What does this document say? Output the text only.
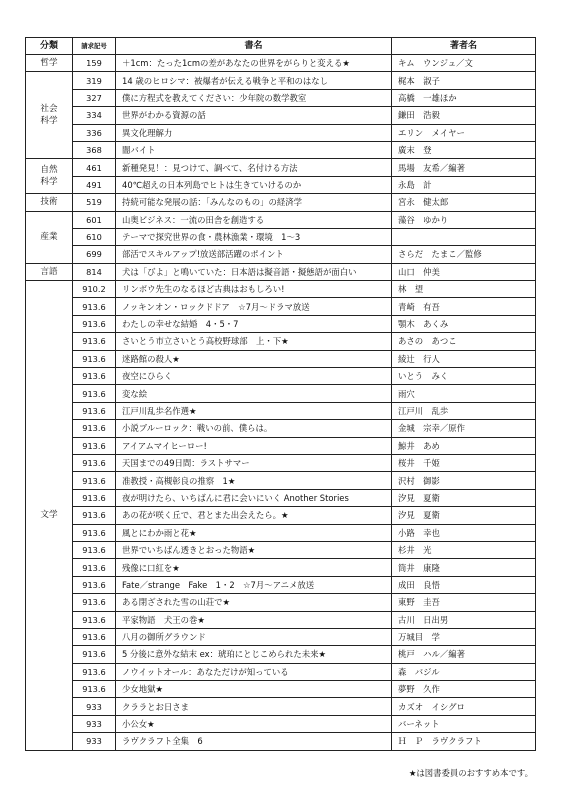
分類	請求記号	書名	著者名
哲学	159	＋1cm：たった1cmの差があなたの世界をがらりと変える★	キム　ウンジュ／文
社会
科学	319	14 歳のヒロシマ：被爆者が伝える戦争と平和のはなし	梶本　淑子
	327	僕に方程式を教えてください：少年院の数学教室	高橋　一雄ほか
	334	世界がわかる資源の話	鎌田　浩毅
	336	異文化理解力	エリン　メイヤー
	368	闇バイト	廣末　登
自然
科学	461	新種発見！：見つけて、調べて、名付ける方法	馬場　友希／編著
	491	40℃超えの日本列島でヒトは生きていけるのか	永島　計
技術	519	持続可能な発展の話：「みんなのもの」の経済学	宮永　健太郎
産業	601	山奥ビジネス：一流の田舎を創造する	藻谷　ゆかり
	610	テーマで探究世界の食・農林漁業・環境　1～3	
	699	部活でスキルアップ!放送部活躍のポイント	さらだ　たまこ／監修
言語	814	犬は「びよ」と鳴いていた：日本語は擬音語・擬態語が面白い	山口　仲美
文学	910.2	リンボウ先生のなるほど古典はおもしろい!	林　望
	913.6	ノッキンオン・ロックドドア　☆7月～ドラマ放送	青崎　有吾
	913.6	わたしの幸せな結婚　4・5・7	顎木　あくみ
	913.6	さいとう市立さいとう高校野球部　上・下★	あさの　あつこ
	913.6	迷路館の殺人★	綾辻　行人
	913.6	夜空にひらく	いとう　みく
	913.6	変な絵	雨穴
	913.6	江戸川乱歩名作選★	江戸川　乱歩
	913.6	小説ブルーロック：戦いの前、僕らは。	金城　宗幸／原作
	913.6	アイアムマイヒーロー!	鯨井　あめ
	913.6	天国までの49日間：ラストサマー	桜井　千姫
	913.6	准教授・高槻彰良の推察　1★	沢村　御影
	913.6	夜が明けたら、いちばんに君に会いにいく Another Stories	汐見　夏衛
	913.6	あの花が咲く丘で、君とまた出会えたら。★	汐見　夏衛
	913.6	風とにわか雨と花★	小路　幸也
	913.6	世界でいちばん透きとおった物語★	杉井　光
	913.6	残像に口紅を★	筒井　康隆
	913.6	Fate／strange　Fake　1・2　☆7月～アニメ放送	成田　良悟
	913.6	ある閉ざされた雪の山荘で★	東野　圭吾
	913.6	平家物語　犬王の巻★	古川　日出男
	913.6	八月の御所グラウンド	万城目　学
	913.6	5 分後に意外な結末 ex：琥珀にとじこめられた未来★	桃戸　ハル／編著
	913.6	ノウイットオール：あなただけが知っている	森　バジル
	913.6	少女地獄★	夢野　久作
	933	クララとお日さま	カズオ　イシグロ
	933	小公女★	バーネット
	933	ラヴクラフト全集　6	Ｈ　Ｐ　ラヴクラフト
★は図書委員のおすすめ本です。
